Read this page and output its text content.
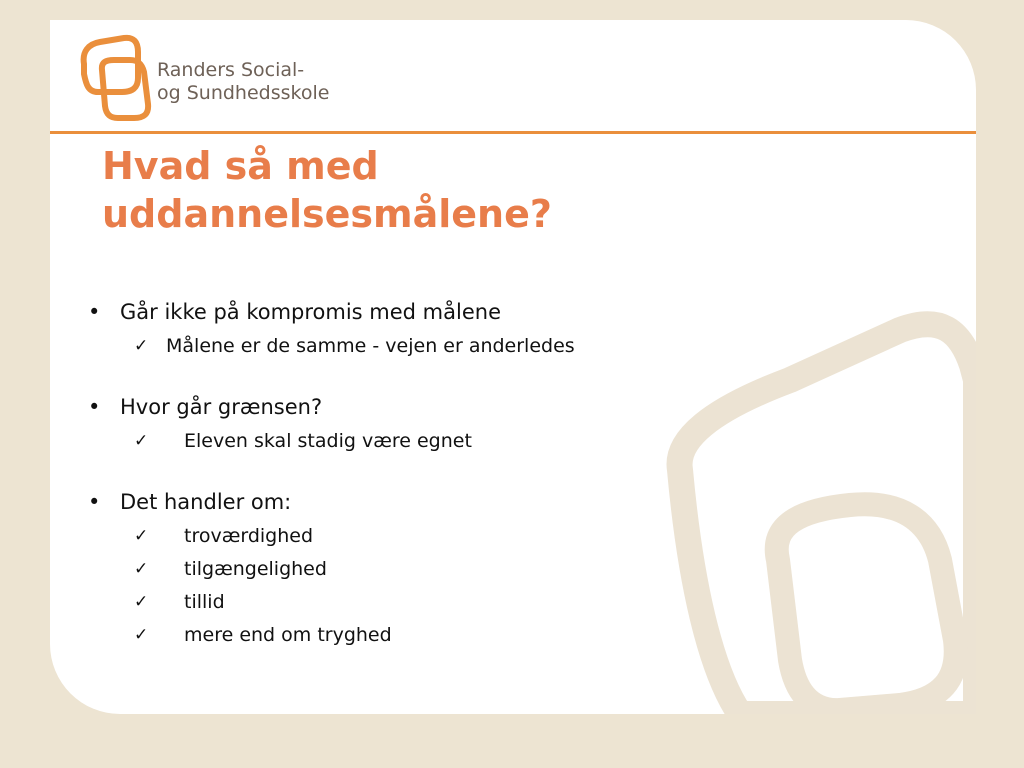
Randers Social-
og Sundhedsskole
Hvad så med
uddannelsesmålene?
• Går ikke på kompromis med målene
✓ Målene er de samme - vejen er anderledes
• Hvor går grænsen?
✓ Eleven skal stadig være egnet
• Det handler om:
✓ troværdighed
✓ tilgængelighed
✓ tillid
✓ mere end om tryghed
